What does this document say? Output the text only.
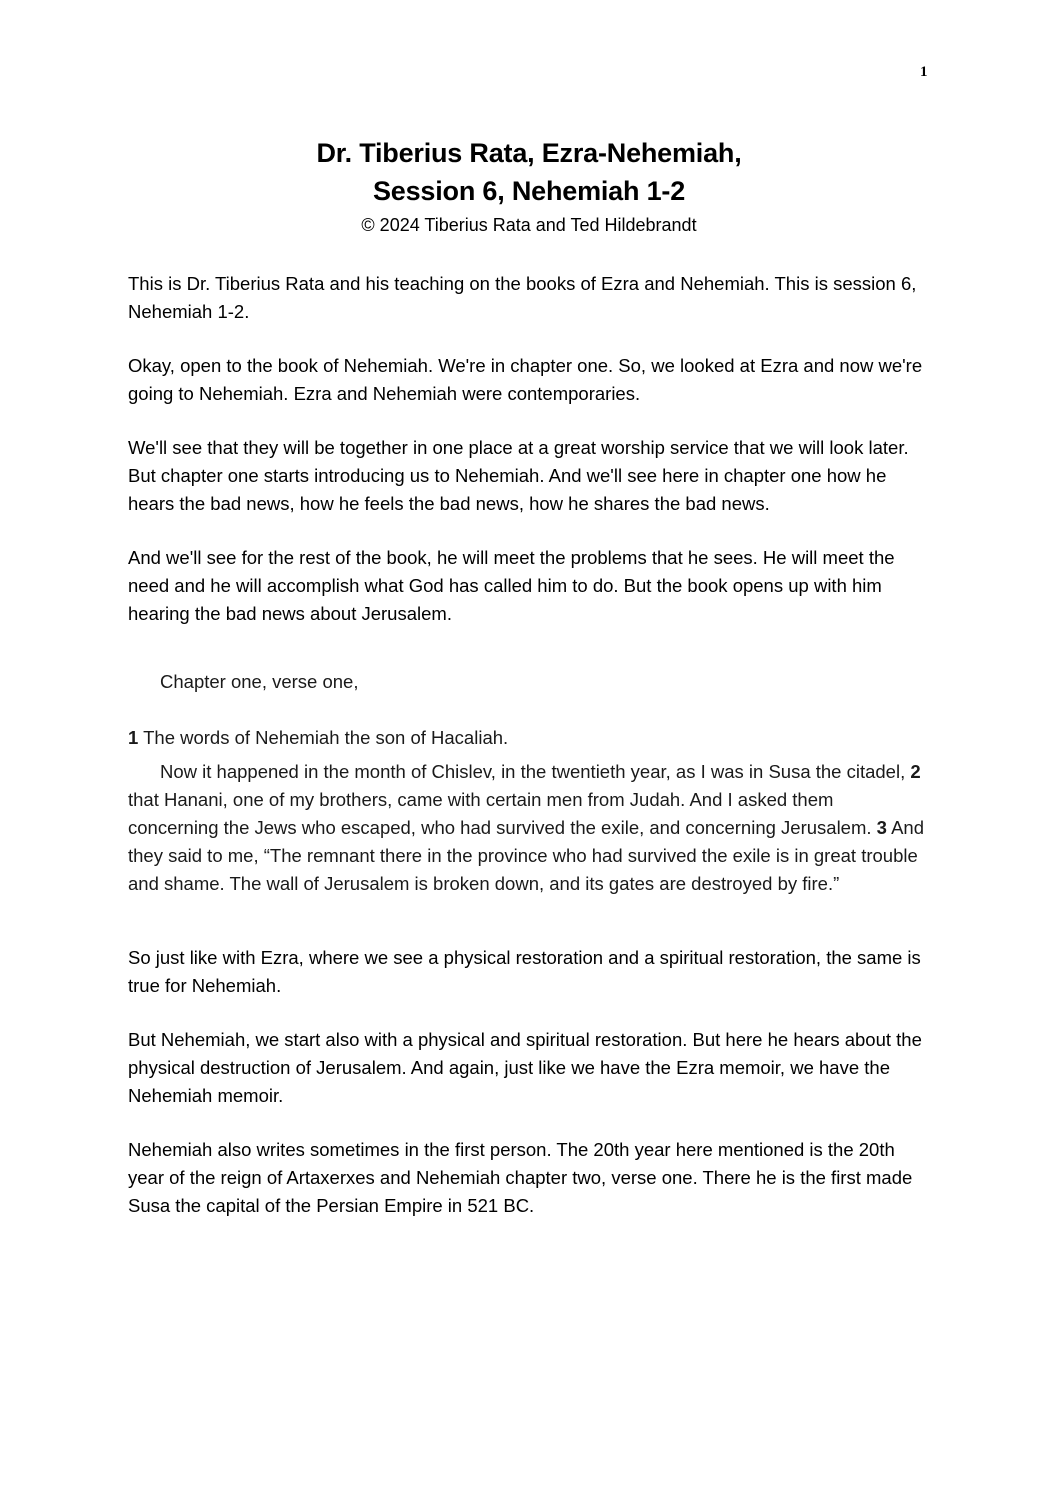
1
Dr. Tiberius Rata, Ezra-Nehemiah,
Session 6, Nehemiah 1-2
© 2024 Tiberius Rata and Ted Hildebrandt

This is Dr. Tiberius Rata and his teaching on the books of Ezra and Nehemiah. This is session 6, Nehemiah 1-2.

Okay, open to the book of Nehemiah. We're in chapter one. So, we looked at Ezra and now we're going to Nehemiah. Ezra and Nehemiah were contemporaries.

We'll see that they will be together in one place at a great worship service that we will look later. But chapter one starts introducing us to Nehemiah. And we'll see here in chapter one how he hears the bad news, how he feels the bad news, how he shares the bad news.

And we'll see for the rest of the book, he will meet the problems that he sees. He will meet the need and he will accomplish what God has called him to do. But the book opens up with him hearing the bad news about Jerusalem.

Chapter one, verse one,

1 The words of Nehemiah the son of Hacaliah.

Now it happened in the month of Chislev, in the twentieth year, as I was in Susa the citadel, 2 that Hanani, one of my brothers, came with certain men from Judah. And I asked them concerning the Jews who escaped, who had survived the exile, and concerning Jerusalem. 3 And they said to me, “The remnant there in the province who had survived the exile is in great trouble and shame. The wall of Jerusalem is broken down, and its gates are destroyed by fire.”

So just like with Ezra, where we see a physical restoration and a spiritual restoration, the same is true for Nehemiah.

But Nehemiah, we start also with a physical and spiritual restoration. But here he hears about the physical destruction of Jerusalem. And again, just like we have the Ezra memoir, we have the Nehemiah memoir.

Nehemiah also writes sometimes in the first person. The 20th year here mentioned is the 20th year of the reign of Artaxerxes and Nehemiah chapter two, verse one. There he is the first made Susa the capital of the Persian Empire in 521 BC.
